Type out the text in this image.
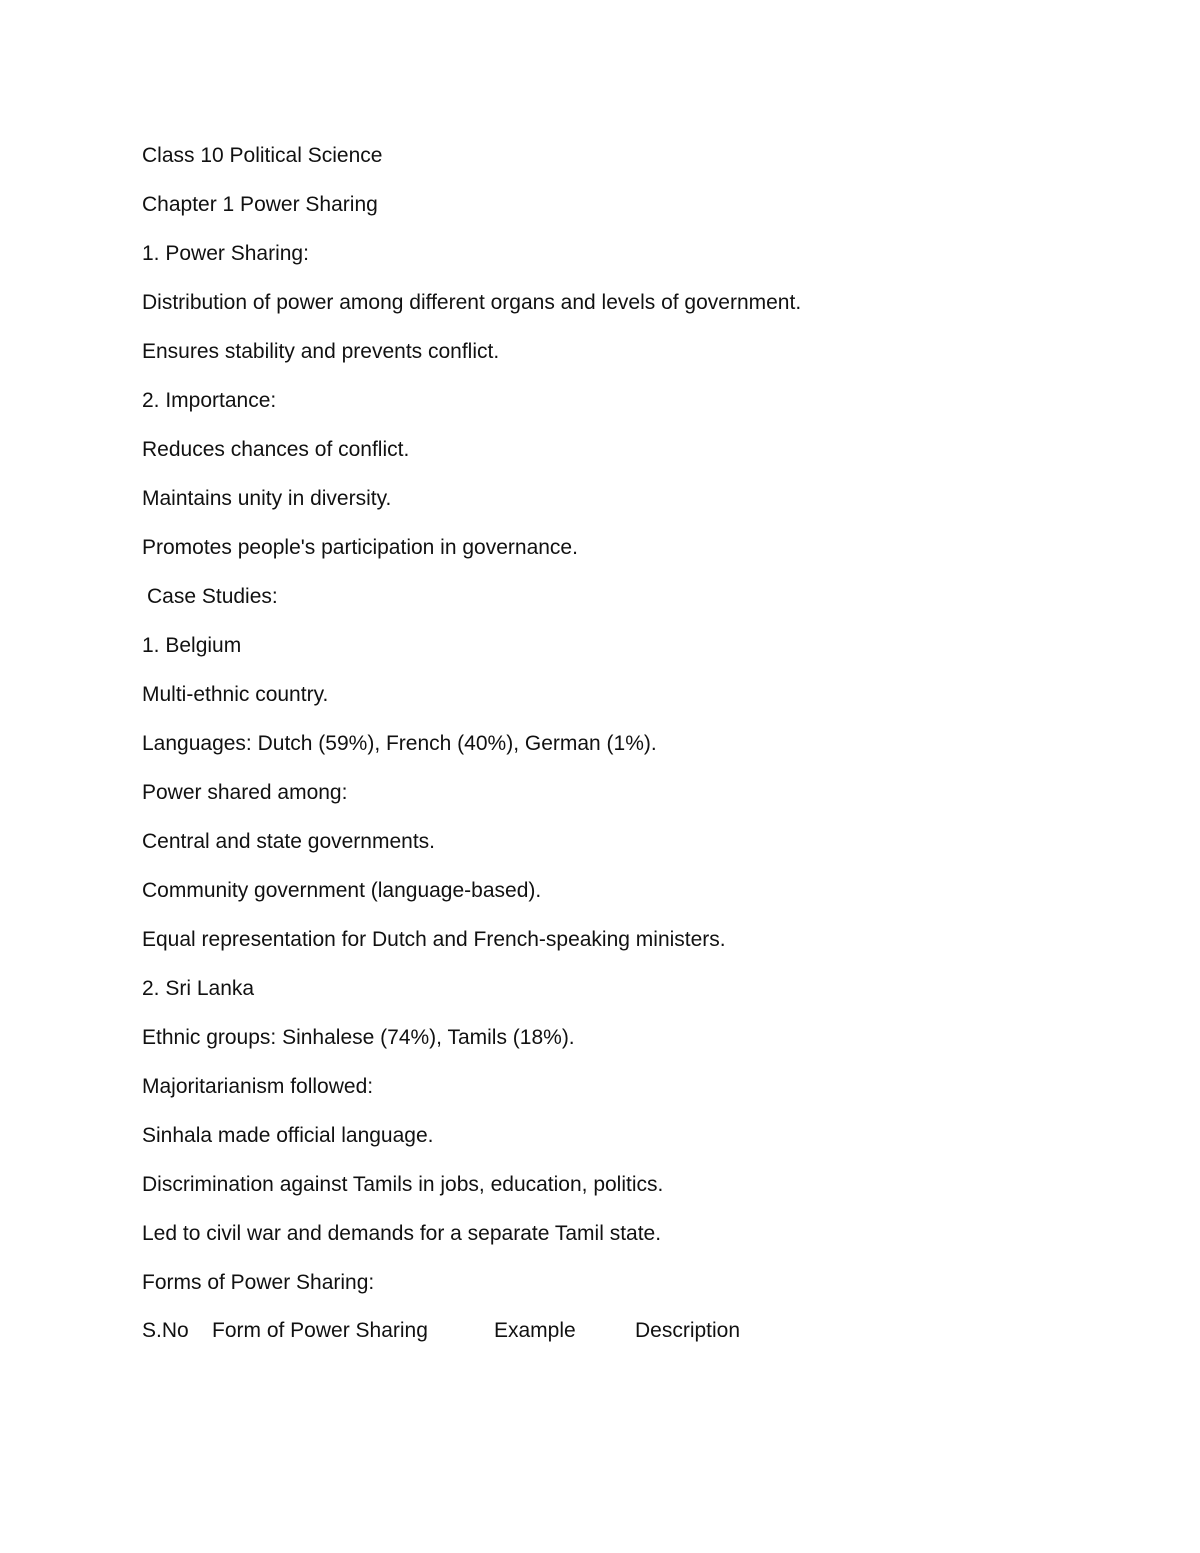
Class 10 Political Science
Chapter 1 Power Sharing
1. Power Sharing:
Distribution of power among different organs and levels of government.
Ensures stability and prevents conflict.
2. Importance:
Reduces chances of conflict.
Maintains unity in diversity.
Promotes people's participation in governance.
Case Studies:
1. Belgium
Multi-ethnic country.
Languages: Dutch (59%), French (40%), German (1%).
Power shared among:
Central and state governments.
Community government (language-based).
Equal representation for Dutch and French-speaking ministers.
2. Sri Lanka
Ethnic groups: Sinhalese (74%), Tamils (18%).
Majoritarianism followed:
Sinhala made official language.
Discrimination against Tamils in jobs, education, politics.
Led to civil war and demands for a separate Tamil state.
Forms of Power Sharing:
S.No Form of Power Sharing	Example	Description
